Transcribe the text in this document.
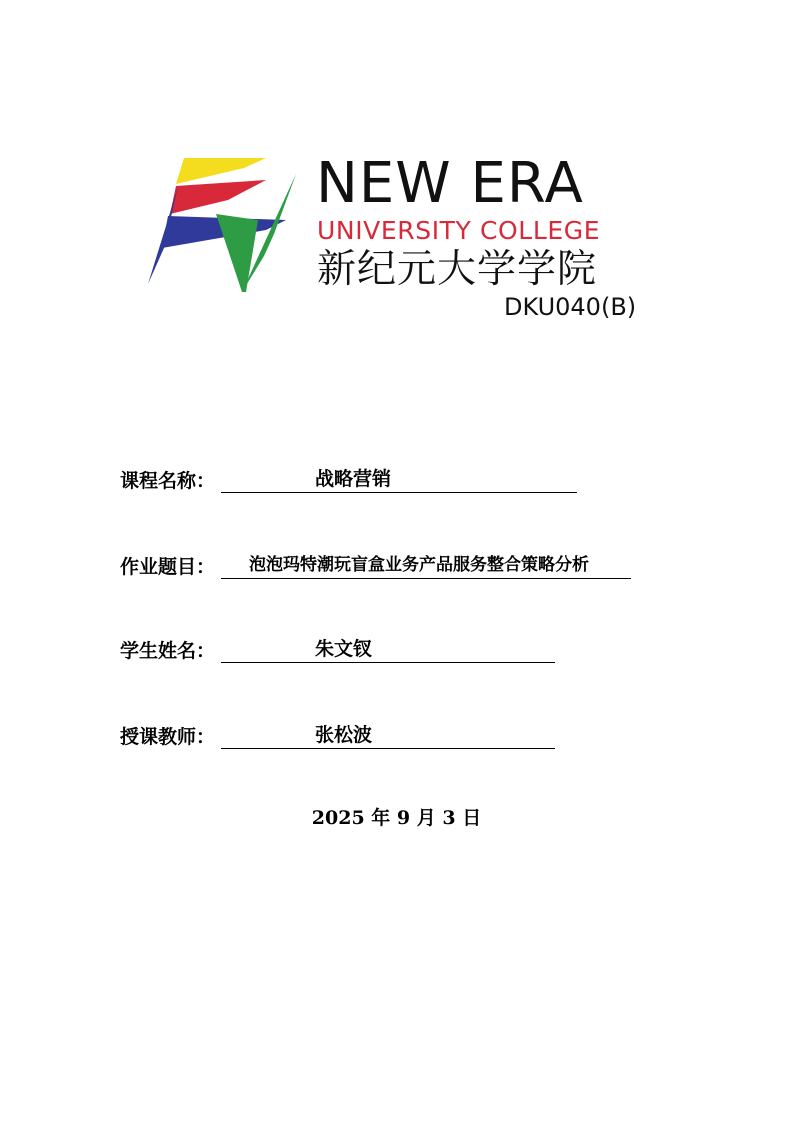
NEW ERA
UNIVERSITY COLLEGE
新纪元大学学院
DKU040(B)
课程名称：	战略营销
作业题目：	泡泡玛特潮玩盲盒业务产品服务整合策略分析
学生姓名：	朱文钗
授课教师：	张松波
2025 年 9 月 3 日
